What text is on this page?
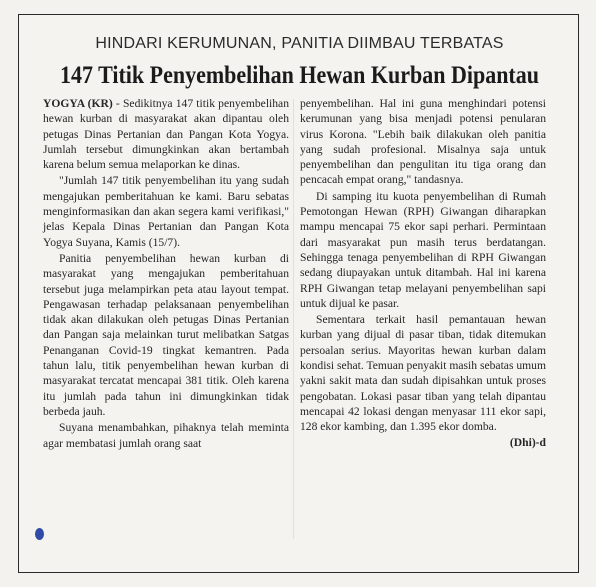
HINDARI KERUMUNAN, PANITIA DIIMBAU TERBATAS
147 Titik Penyembelihan Hewan Kurban Dipantau

YOGYA (KR) - Sedikitnya 147 titik penyembelihan hewan kurban di masyarakat akan dipantau oleh petugas Dinas Pertanian dan Pangan Kota Yogya. Jumlah tersebut dimungkinkan akan bertambah karena belum semua melaporkan ke dinas.

"Jumlah 147 titik penyembelihan itu yang sudah mengajukan pemberitahuan ke kami. Baru sebatas menginformasikan dan akan segera kami verifikasi," jelas Kepala Dinas Pertanian dan Pangan Kota Yogya Suyana, Kamis (15/7).

Panitia penyembelihan hewan kurban di masyarakat yang mengajukan pemberitahuan tersebut juga melampirkan peta atau layout tempat. Pengawasan terhadap pelaksanaan penyembelihan tidak akan dilakukan oleh petugas Dinas Pertanian dan Pangan saja melainkan turut melibatkan Satgas Penanganan Covid-19 tingkat kemantren. Pada tahun lalu, titik penyembelihan hewan kurban di masyarakat tercatat mencapai 381 titik. Oleh karena itu jumlah pada tahun ini dimungkinkan tidak berbeda jauh.

Suyana menambahkan, pihaknya telah meminta agar membatasi jumlah orang saat

penyembelihan. Hal ini guna menghindari potensi kerumunan yang bisa menjadi potensi penularan virus Korona. "Lebih baik dilakukan oleh panitia yang sudah profesional. Misalnya saja untuk penyembelihan dan pengulitan itu tiga orang dan pencacah empat orang," tandasnya.

Di samping itu kuota penyembelihan di Rumah Pemotongan Hewan (RPH) Giwangan diharapkan mampu mencapai 75 ekor sapi perhari. Permintaan dari masyarakat pun masih terus berdatangan. Sehingga tenaga penyembelihan di RPH Giwangan sedang diupayakan untuk ditambah. Hal ini karena RPH Giwangan tetap melayani penyembelihan sapi untuk dijual ke pasar.

Sementara terkait hasil pemantauan hewan kurban yang dijual di pasar tiban, tidak ditemukan persoalan serius. Mayoritas hewan kurban dalam kondisi sehat. Temuan penyakit masih sebatas umum yakni sakit mata dan sudah dipisahkan untuk proses pengobatan. Lokasi pasar tiban yang telah dipantau mencapai 42 lokasi dengan menyasar 111 ekor sapi, 128 ekor kambing, dan 1.395 ekor domba.
(Dhi)-d
